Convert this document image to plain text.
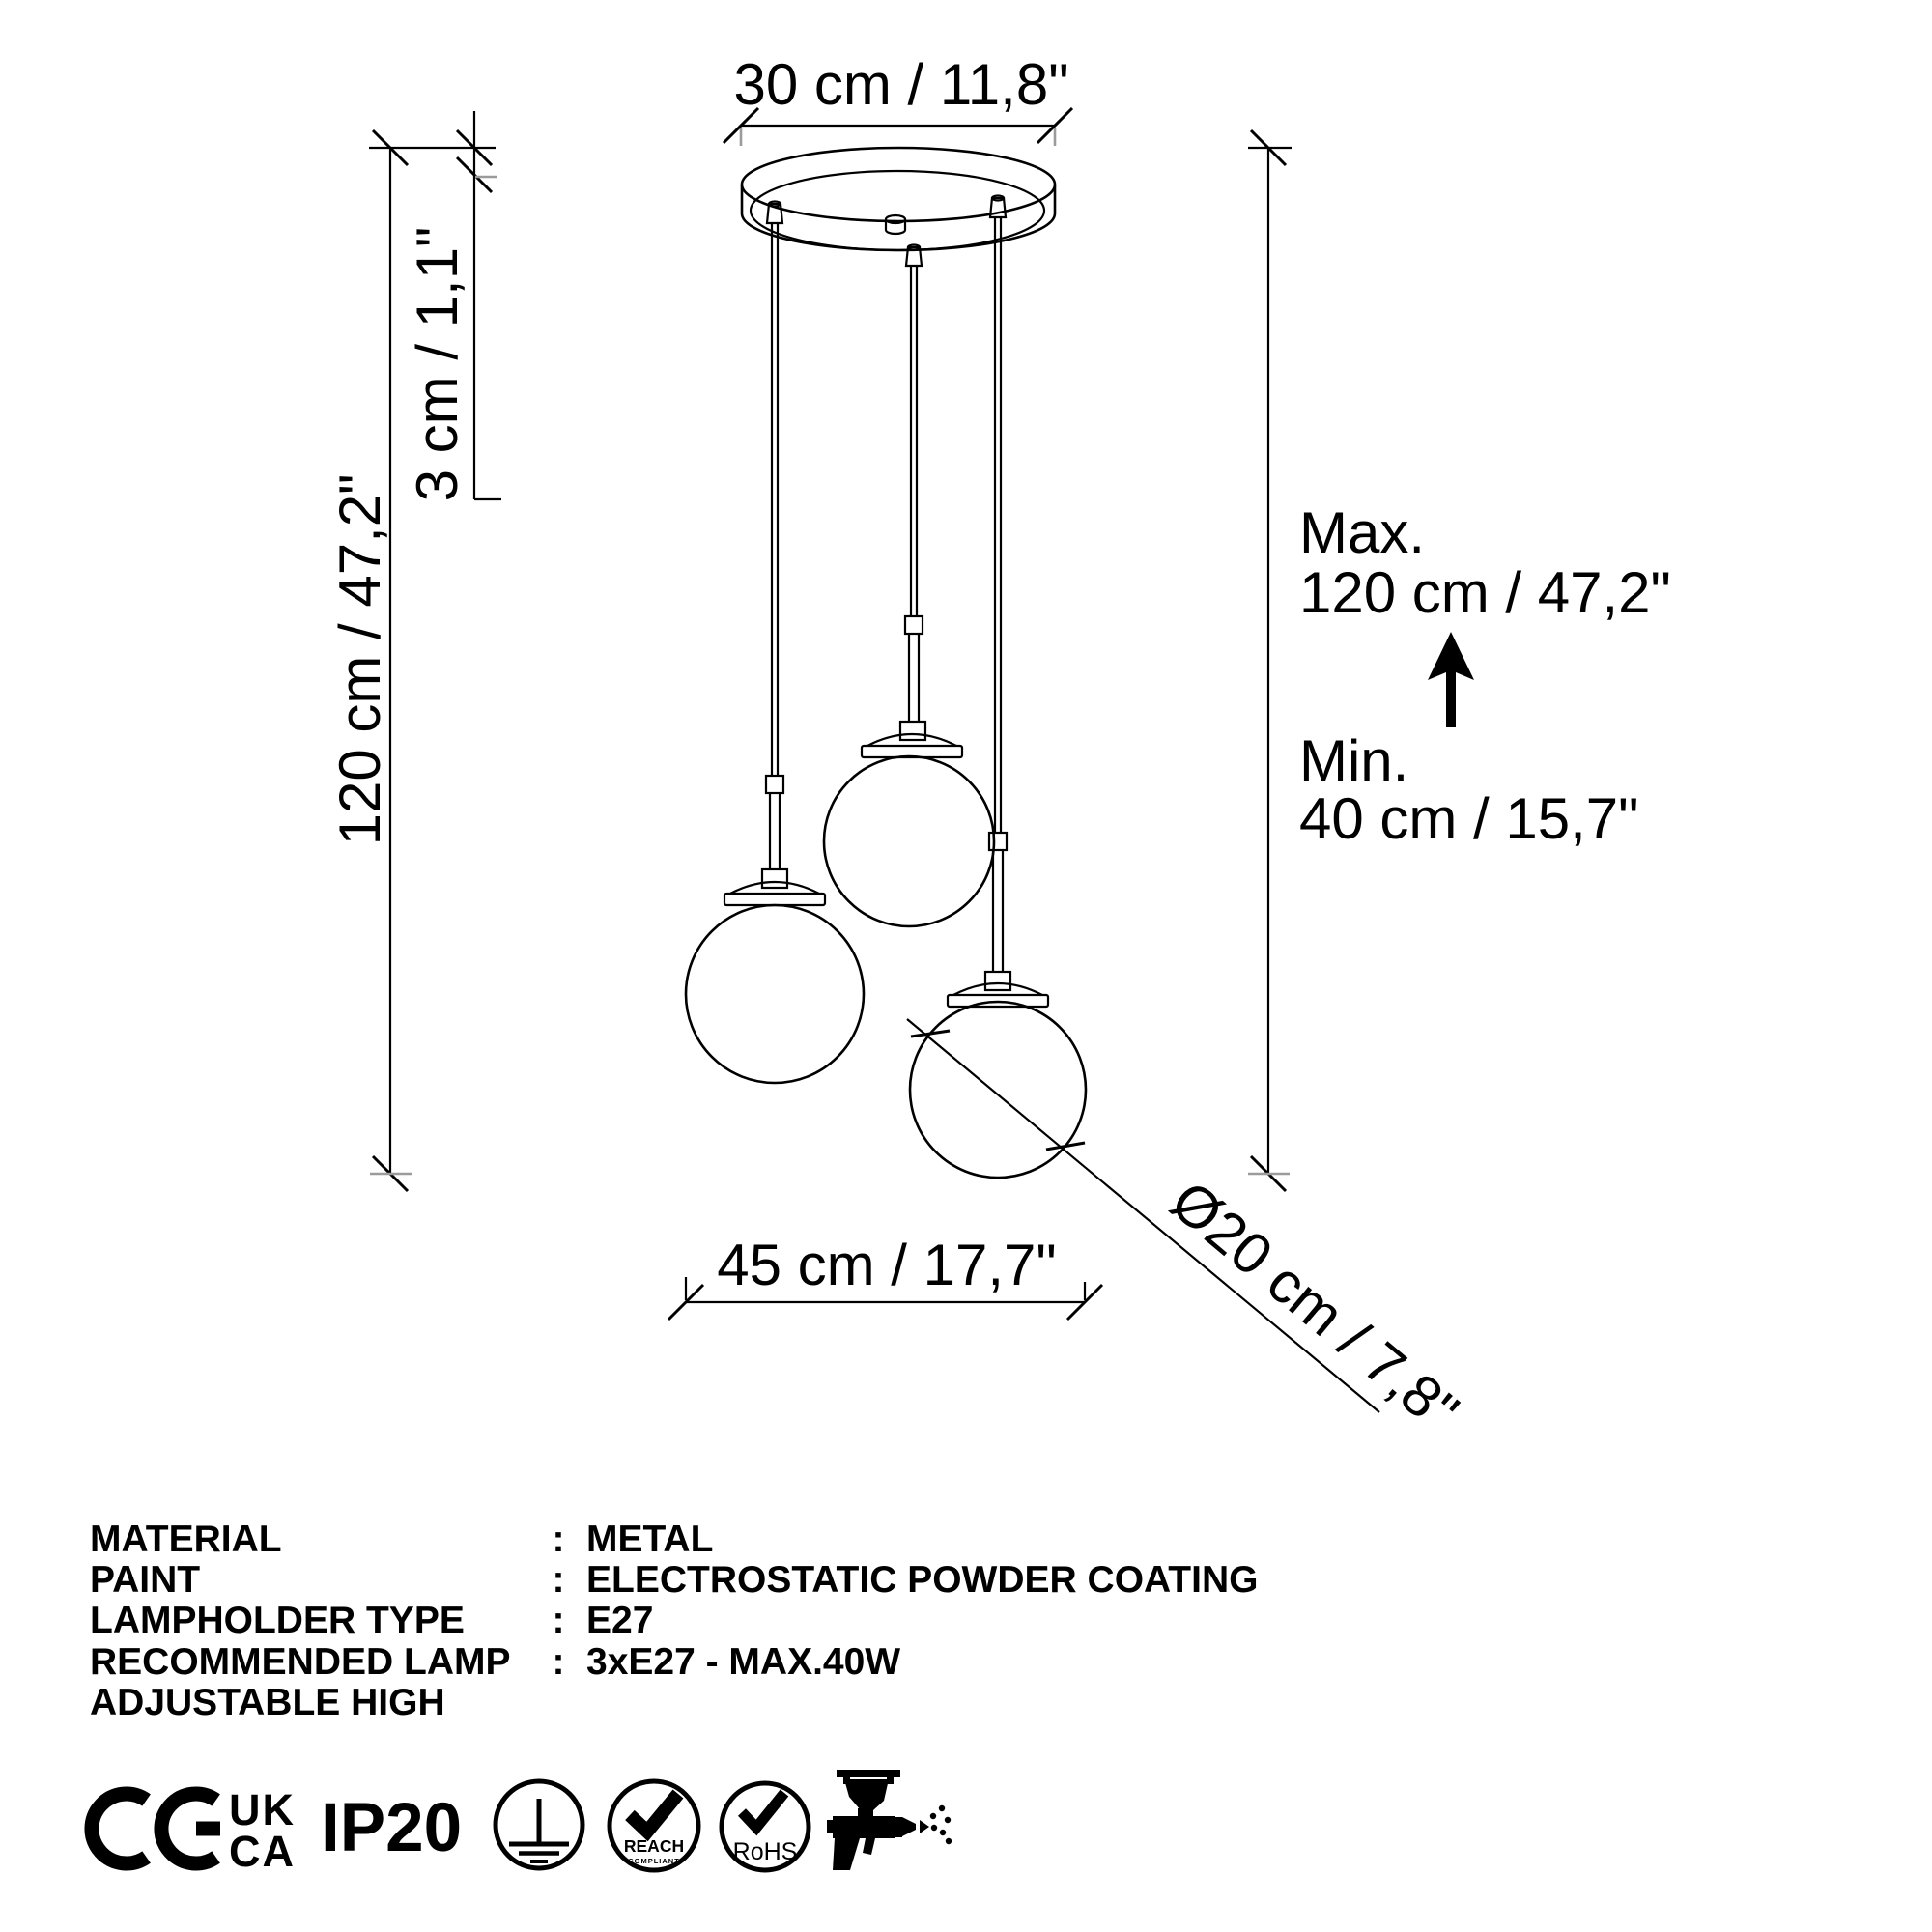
30 cm / 11,8"
120 cm / 47,2"
3 cm / 1,1"
Max.
120 cm / 47,2"
Min.
40 cm / 15,7"
45 cm / 17,7" Ø20 cm / 7,8"
MATERIAL	: METAL
PAINT	: ELECTROSTATIC POWDER COATING
LAMPHOLDER TYPE : E27
RECOMMENDED LAMP : 3xE27 - MAX.40W
ADJUSTABLE HIGH
UK
CA IP20	REACH
COMPLIANT RoHS
